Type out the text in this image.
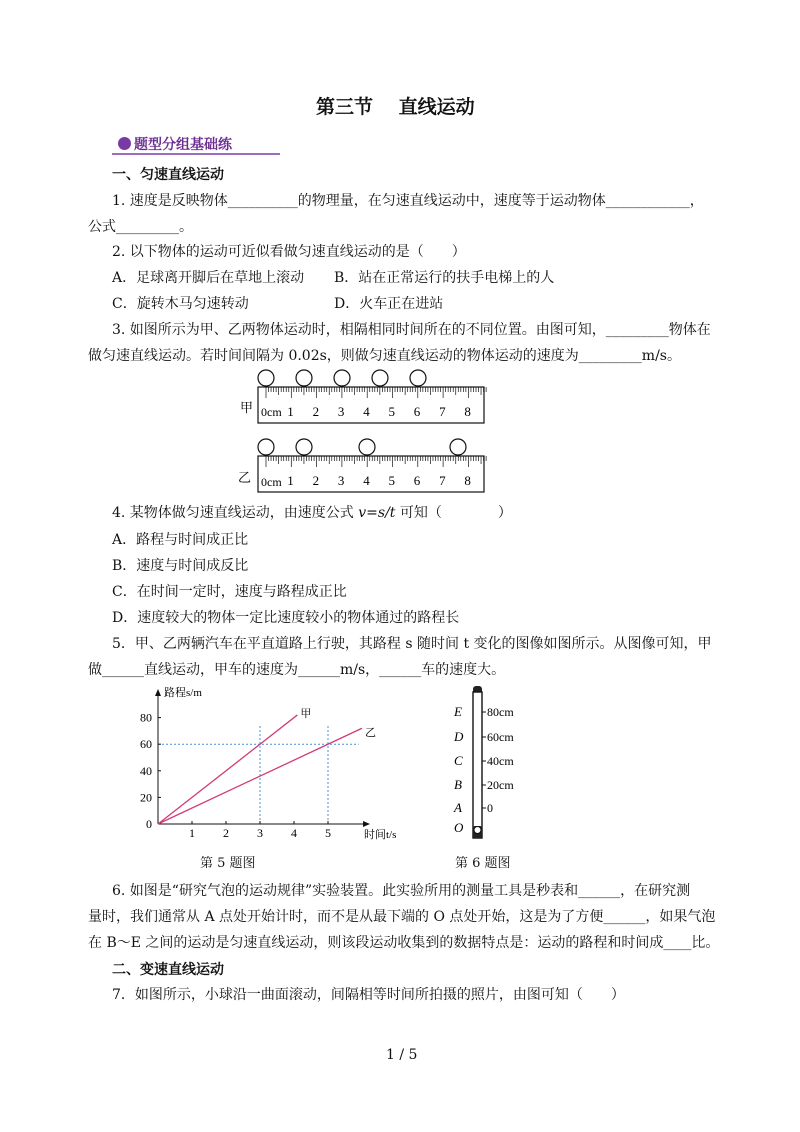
第三节　 直线运动
题型分组基础练
一、匀速直线运动
1. 速度是反映物体__________的物理量，在匀速直线运动中，速度等于运动物体____________，
公式_________。
2. 以下物体的运动可近似看做匀速直线运动的是（　　）
A．足球离开脚后在草地上滚动 B．站在正常运行的扶手电梯上的人
C．旋转木马匀速转动	D．火车正在进站
3. 如图所示为甲、乙两物体运动时，相隔相同时间所在的不同位置。由图可知，_________物体在
做匀速直线运动。若时间间隔为 0.02s，则做匀速直线运动的物体运动的速度为_________m/s。
甲 0cm 1 2 3 4 5 6 7 8
乙 0cm 1 2 3 4 5 6 7 8
4. 某物体做匀速直线运动，由速度公式 v=s/t 可知（　　　　）
A．路程与时间成正比
B．速度与时间成反比
C．在时间一定时，速度与路程成正比
D．速度较大的物体一定比速度较小的物体通过的路程长
5．甲、乙两辆汽车在平直道路上行驶，其路程 s 随时间 t 变化的图像如图所示。从图像可知，甲
做______直线运动，甲车的速度为______m/s，______车的速度大。
甲
乙
1 2 3 4 5
20
40
60
80
0
路程s/m
时间t/s
第 5 题图
E
D
C
B
A
O
80cm
60cm
40cm
20cm
0
第 6 题图
6. 如图是“研究气泡的运动规律”实验装置。此实验所用的测量工具是秒表和______，在研究测
量时，我们通常从 A 点处开始计时，而不是从最下端的 O 点处开始，这是为了方便______，如果气泡
在 B～E 之间的运动是匀速直线运动，则该段运动收集到的数据特点是：运动的路程和时间成____比。
二、变速直线运动
7．如图所示，小球沿一曲面滚动，间隔相等时间所拍摄的照片，由图可知（　　）
1 / 5
